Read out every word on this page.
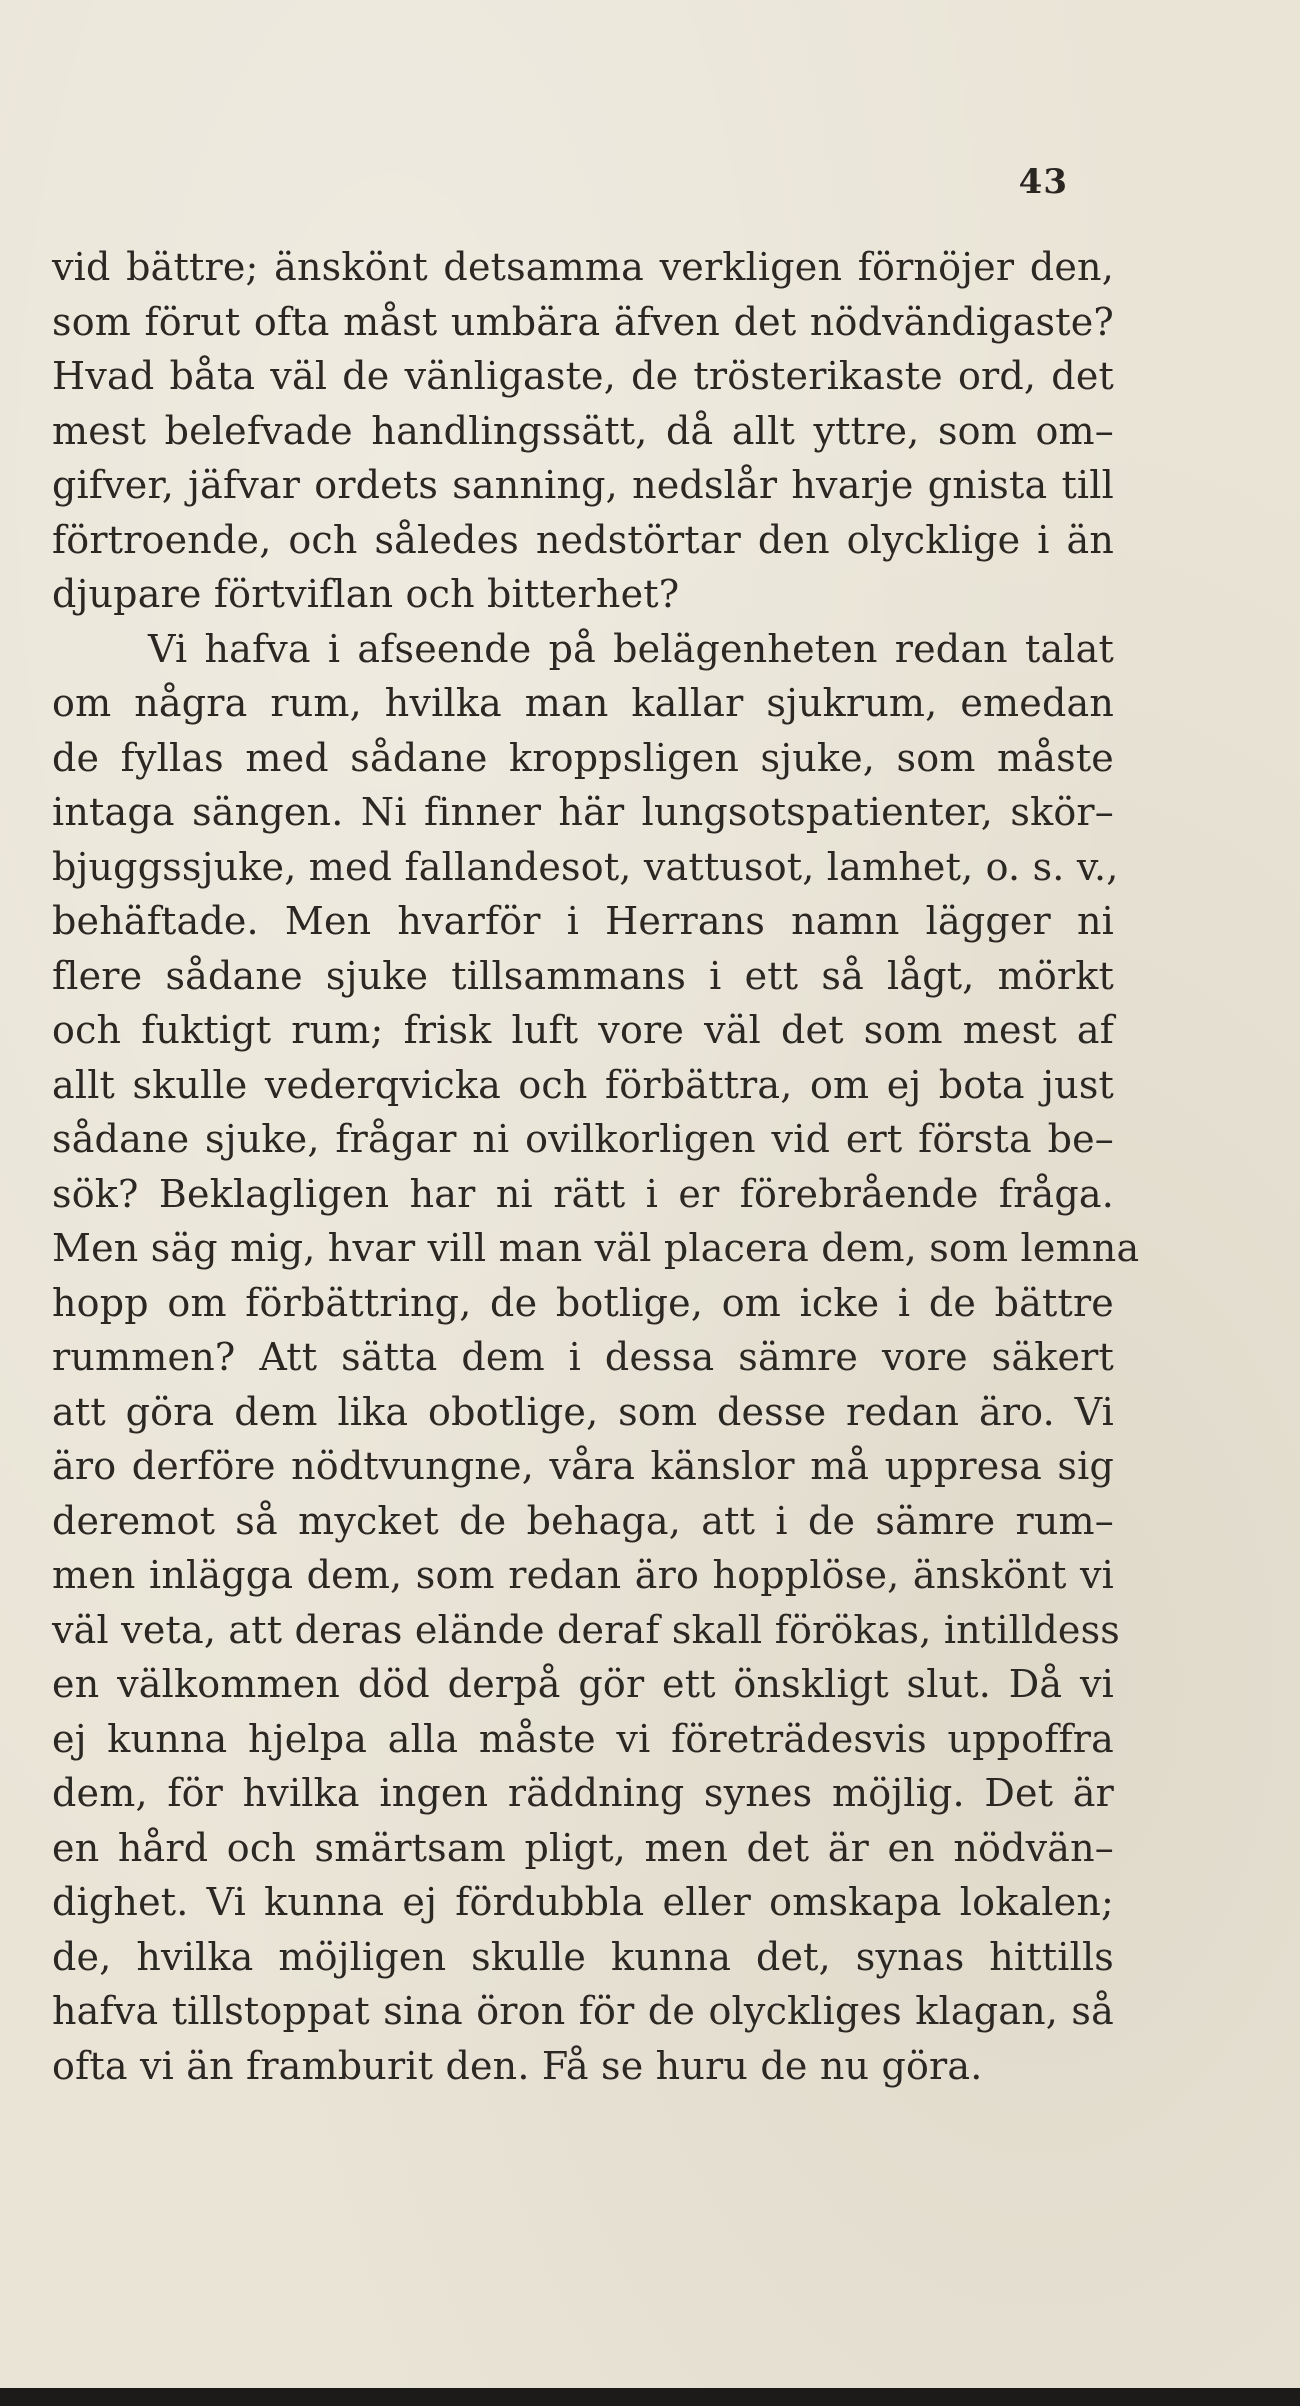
43
vid bättre; änskönt detsamma verkligen förnöjer den,
som förut ofta måst umbära äfven det nödvändigaste?
Hvad båta väl de vänligaste, de trösterikaste ord, det
mest belefvade handlingssätt, då allt yttre, som om–
gifver, jäfvar ordets sanning, nedslår hvarje gnista till
förtroende, och således nedstörtar den olycklige i än
djupare förtviflan och bitterhet?
Vi hafva i afseende på belägenheten redan talat
om några rum, hvilka man kallar sjukrum, emedan
de fyllas med sådane kroppsligen sjuke, som måste
intaga sängen. Ni finner här lungsotspatienter, skör–
bjuggssjuke, med fallandesot, vattusot, lamhet, o. s. v.,
behäftade. Men hvarför i Herrans namn lägger ni
flere sådane sjuke tillsammans i ett så lågt, mörkt
och fuktigt rum; frisk luft vore väl det som mest af
allt skulle vederqvicka och förbättra, om ej bota just
sådane sjuke, frågar ni ovilkorligen vid ert första be–
sök? Beklagligen har ni rätt i er förebrående fråga.
Men säg mig, hvar vill man väl placera dem, som lemna
hopp om förbättring, de botlige, om icke i de bättre
rummen? Att sätta dem i dessa sämre vore säkert
att göra dem lika obotlige, som desse redan äro. Vi
äro derföre nödtvungne, våra känslor må uppresa sig
deremot så mycket de behaga, att i de sämre rum–
men inlägga dem, som redan äro hopplöse, änskönt vi
väl veta, att deras elände deraf skall förökas, intilldess
en välkommen död derpå gör ett önskligt slut. Då vi
ej kunna hjelpa alla måste vi företrädesvis uppoffra
dem, för hvilka ingen räddning synes möjlig. Det är
en hård och smärtsam pligt, men det är en nödvän–
dighet. Vi kunna ej fördubbla eller omskapa lokalen;
de, hvilka möjligen skulle kunna det, synas hittills
hafva tillstoppat sina öron för de olyckliges klagan, så
ofta vi än framburit den. Få se huru de nu göra.
